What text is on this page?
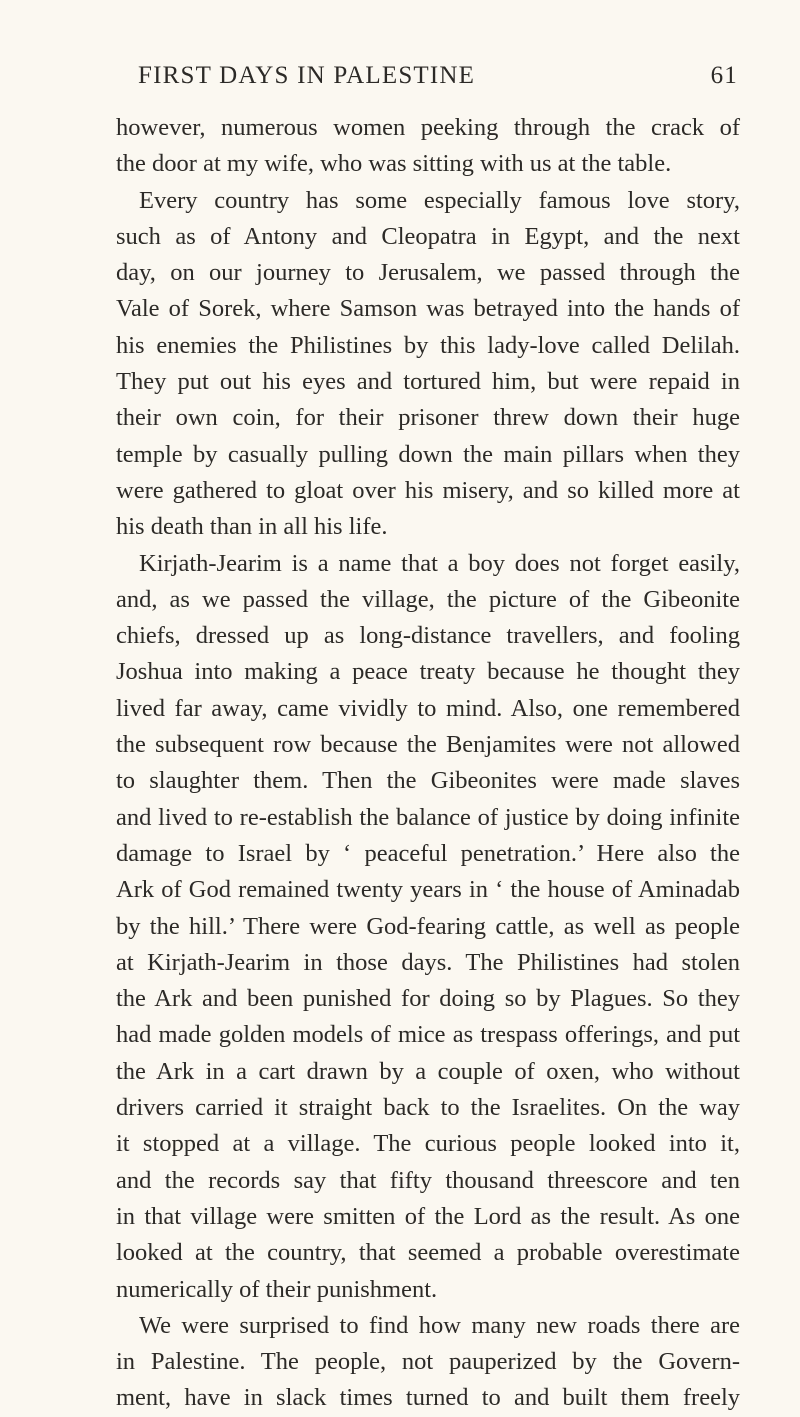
FIRST DAYS IN PALESTINE	61
however, numerous women peeking through the crack of
the door at my wife, who was sitting with us at the table.
Every country has some especially famous love story,
such as of Antony and Cleopatra in Egypt, and the next
day, on our journey to Jerusalem, we passed through the
Vale of Sorek, where Samson was betrayed into the hands of
his enemies the Philistines by this lady-love called Delilah.
They put out his eyes and tortured him, but were repaid in
their own coin, for their prisoner threw down their huge
temple by casually pulling down the main pillars when they
were gathered to gloat over his misery, and so killed more at
his death than in all his life.
Kirjath-Jearim is a name that a boy does not forget easily,
and, as we passed the village, the picture of the Gibeonite
chiefs, dressed up as long-distance travellers, and fooling
Joshua into making a peace treaty because he thought they
lived far away, came vividly to mind. Also, one remembered
the subsequent row because the Benjamites were not allowed
to slaughter them. Then the Gibeonites were made slaves
and lived to re-establish the balance of justice by doing infinite
damage to Israel by ‘ peaceful penetration.’ Here also the
Ark of God remained twenty years in ‘ the house of Aminadab
by the hill.’ There were God-fearing cattle, as well as people
at Kirjath-Jearim in those days. The Philistines had stolen
the Ark and been punished for doing so by Plagues. So they
had made golden models of mice as trespass offerings, and put
the Ark in a cart drawn by a couple of oxen, who without
drivers carried it straight back to the Israelites. On the way
it stopped at a village. The curious people looked into it,
and the records say that fifty thousand threescore and ten
in that village were smitten of the Lord as the result. As one
looked at the country, that seemed a probable overestimate
numerically of their punishment.
We were surprised to find how many new roads there are
in Palestine. The people, not pauperized by the Govern-
ment, have in slack times turned to and built them freely
